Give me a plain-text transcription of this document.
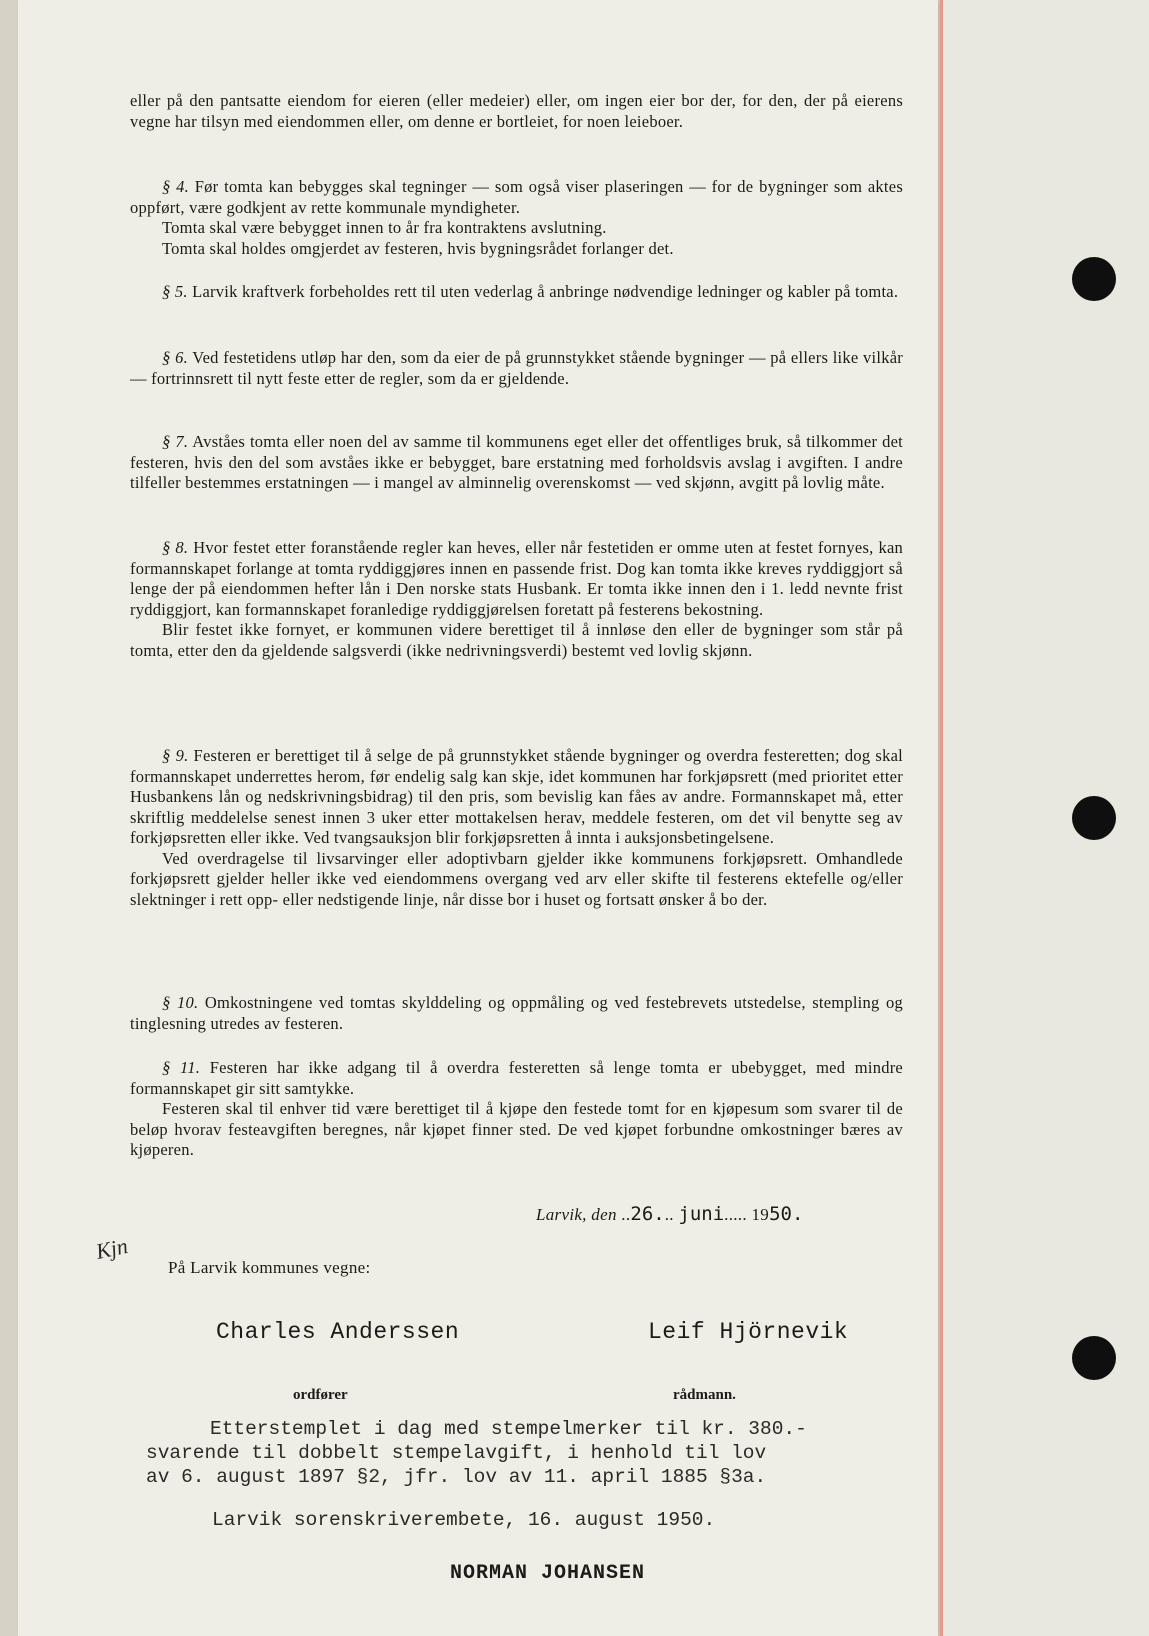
eller på den pantsatte eiendom for eieren (eller medeier) eller, om ingen eier bor der, for den, der på eierens vegne har tilsyn med eiendommen eller, om denne er bortleiet, for noen leieboer.

§ 4. Før tomta kan bebygges skal tegninger — som også viser plaseringen — for de bygninger som aktes oppført, være godkjent av rette kommunale myndigheter.

Tomta skal være bebygget innen to år fra kontraktens avslutning.

Tomta skal holdes omgjerdet av festeren, hvis bygningsrådet forlanger det.

§ 5. Larvik kraftverk forbeholdes rett til uten vederlag å anbringe nødvendige ledninger og kabler på tomta.

§ 6. Ved festetidens utløp har den, som da eier de på grunnstykket stående bygninger — på ellers like vilkår — fortrinnsrett til nytt feste etter de regler, som da er gjeldende.

§ 7. Avståes tomta eller noen del av samme til kommunens eget eller det offentliges bruk, så tilkommer det festeren, hvis den del som avståes ikke er bebygget, bare erstatning med forholdsvis avslag i avgiften. I andre tilfeller bestemmes erstatningen — i mangel av alminnelig overenskomst — ved skjønn, avgitt på lovlig måte.

§ 8. Hvor festet etter foranstående regler kan heves, eller når festetiden er omme uten at festet fornyes, kan formannskapet forlange at tomta ryddiggjøres innen en passende frist. Dog kan tomta ikke kreves ryddiggjort så lenge der på eiendommen hefter lån i Den norske stats Husbank. Er tomta ikke innen den i 1. ledd nevnte frist ryddiggjort, kan formannskapet foranledige ryddiggjørelsen foretatt på festerens bekostning.

Blir festet ikke fornyet, er kommunen videre berettiget til å innløse den eller de bygninger som står på tomta, etter den da gjeldende salgsverdi (ikke nedrivningsverdi) bestemt ved lovlig skjønn.

§ 9. Festeren er berettiget til å selge de på grunnstykket stående bygninger og overdra festeretten; dog skal formannskapet underrettes herom, før endelig salg kan skje, idet kommunen har forkjøpsrett (med prioritet etter Husbankens lån og nedskrivningsbidrag) til den pris, som bevislig kan fåes av andre. Formannskapet må, etter skriftlig meddelelse senest innen 3 uker etter mottakelsen herav, meddele festeren, om det vil benytte seg av forkjøpsretten eller ikke. Ved tvangsauksjon blir forkjøpsretten å innta i auksjonsbetingelsene.

Ved overdragelse til livsarvinger eller adoptivbarn gjelder ikke kommunens forkjøpsrett. Omhandlede forkjøpsrett gjelder heller ikke ved eiendommens overgang ved arv eller skifte til festerens ektefelle og/eller slektninger i rett opp- eller nedstigende linje, når disse bor i huset og fortsatt ønsker å bo der.

§ 10. Omkostningene ved tomtas skylddeling og oppmåling og ved festebrevets utstedelse, stempling og tinglesning utredes av festeren.

§ 11. Festeren har ikke adgang til å overdra festeretten så lenge tomta er ubebygget, med mindre formannskapet gir sitt samtykke.

Festeren skal til enhver tid være berettiget til å kjøpe den festede tomt for en kjøpesum som svarer til de beløp hvorav festeavgiften beregnes, når kjøpet finner sted. De ved kjøpet forbundne omkostninger bæres av kjøperen.

Larvik, den ..26... juni..... 1950.
Kjn
På Larvik kommunes vegne:
Charles Anderssen	Leif Hjörnevik
ordfører	rådmann.

Etterstemplet i dag med stempelmerker til kr. 380.-

svarende til dobbelt stempelavgift, i henhold til lov

av 6. august 1897 §2, jfr. lov av 11. april 1885 §3a.

Larvik sorenskriverembete, 16. august 1950.
NORMAN JOHANSEN
